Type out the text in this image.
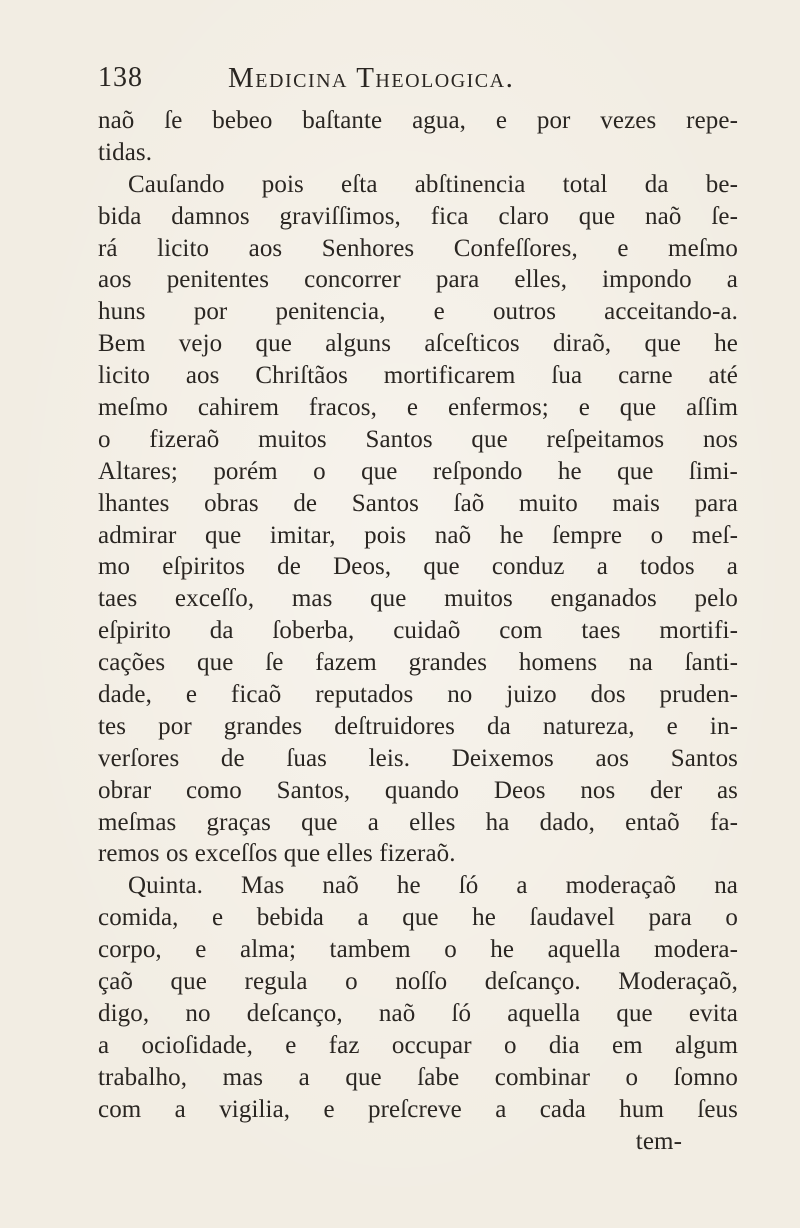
138	Medicina Theologica.
naõ ſe bebeo baſtante agua, e por vezes repe-
tidas.
Cauſando pois eſta abſtinencia total da be-
bida damnos graviſſimos, fica claro que naõ ſe-
rá licito aos Senhores Confeſſores, e meſmo
aos penitentes concorrer para elles, impondo a
huns por penitencia, e outros acceitando-a.
Bem vejo que alguns aſceſticos diraõ, que he
licito aos Chriſtãos mortificarem ſua carne até
meſmo cahirem fracos, e enfermos; e que aſſim
o fizeraõ muitos Santos que reſpeitamos nos
Altares; porém o que reſpondo he que ſimi-
lhantes obras de Santos ſaõ muito mais para
admirar que imitar, pois naõ he ſempre o meſ-
mo eſpiritos de Deos, que conduz a todos a
taes exceſſo, mas que muitos enganados pelo
eſpirito da ſoberba, cuidaõ com taes mortifi-
cações que ſe fazem grandes homens na ſanti-
dade, e ficaõ reputados no juizo dos pruden-
tes por grandes deſtruidores da natureza, e in-
verſores de ſuas leis. Deixemos aos Santos
obrar como Santos, quando Deos nos der as
meſmas graças que a elles ha dado, entaõ fa-
remos os exceſſos que elles fizeraõ.
Quinta. Mas naõ he ſó a moderaçaõ na
comida, e bebida a que he ſaudavel para o
corpo, e alma; tambem o he aquella modera-
çaõ que regula o noſſo deſcanço. Moderaçaõ,
digo, no deſcanço, naõ ſó aquella que evita
a ocioſidade, e faz occupar o dia em algum
trabalho, mas a que ſabe combinar o ſomno
com a vigilia, e preſcreve a cada hum ſeus
tem-
